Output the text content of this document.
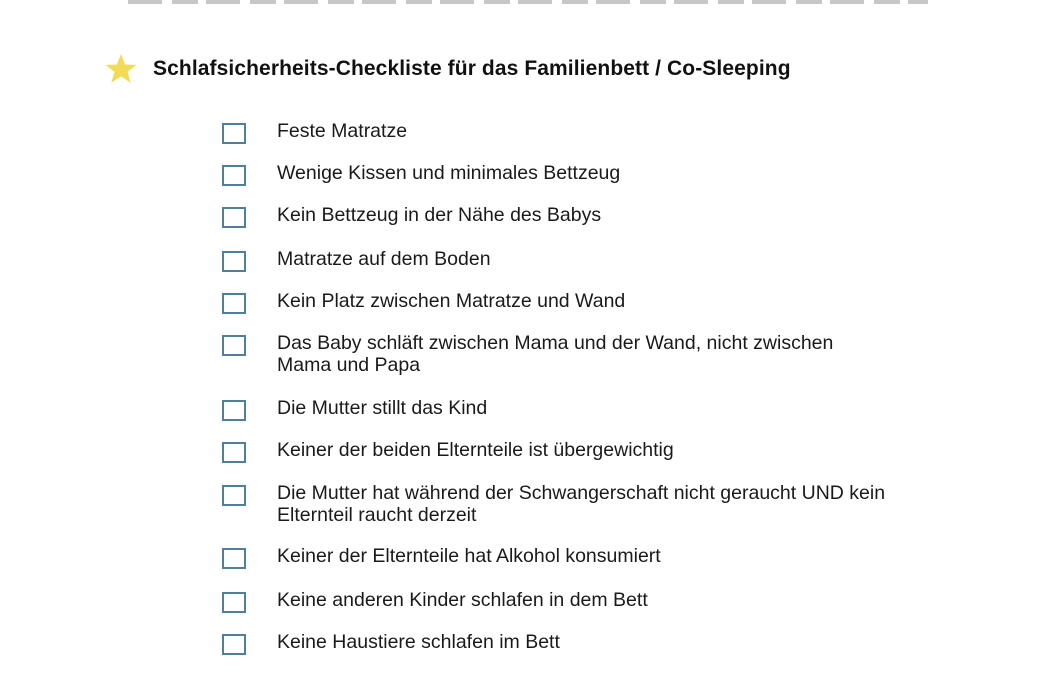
Schlafsicherheits-Checkliste für das Familienbett / Co-Sleeping
Feste Matratze
Wenige Kissen und minimales Bettzeug
Kein Bettzeug in der Nähe des Babys
Matratze auf dem Boden
Kein Platz zwischen Matratze und Wand
Das Baby schläft zwischen Mama und der Wand, nicht zwischen Mama und Papa
Die Mutter stillt das Kind
Keiner der beiden Elternteile ist übergewichtig
Die Mutter hat während der Schwangerschaft nicht geraucht UND kein Elternteil raucht derzeit
Keiner der Elternteile hat Alkohol konsumiert
Keine anderen Kinder schlafen in dem Bett
Keine Haustiere schlafen im Bett
